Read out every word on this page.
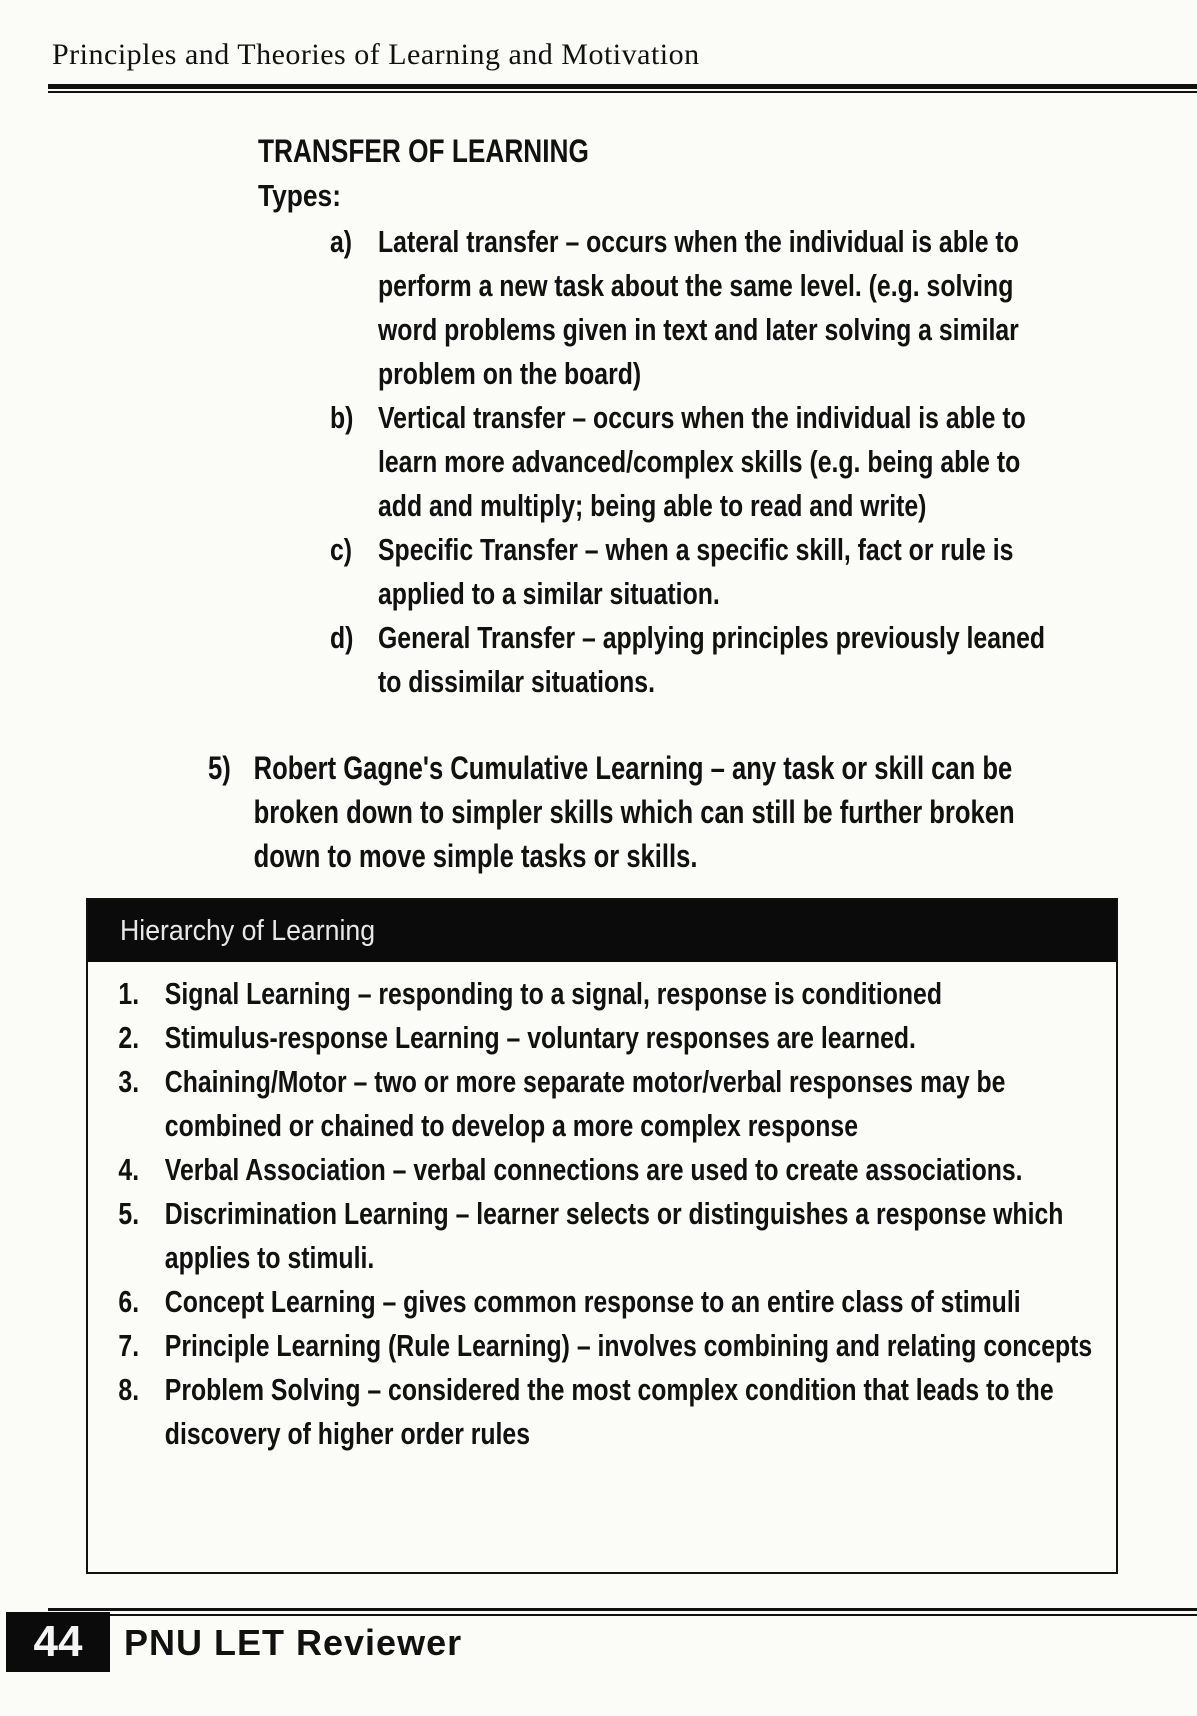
Principles and Theories of Learning and Motivation
TRANSFER OF LEARNING
Types:
a) Lateral transfer – occurs when the individual is able to perform a new task about the same level. (e.g. solving word problems given in text and later solving a similar problem on the board)
b) Vertical transfer – occurs when the individual is able to learn more advanced/complex skills (e.g. being able to add and multiply; being able to read and write)
c) Specific Transfer – when a specific skill, fact or rule is applied to a similar situation.
d) General Transfer – applying principles previously leaned to dissimilar situations.
5) Robert Gagne's Cumulative Learning – any task or skill can be broken down to simpler skills which can still be further broken down to move simple tasks or skills.
Hierarchy of Learning
1. Signal Learning – responding to a signal, response is conditioned
2. Stimulus-response Learning – voluntary responses are learned.
3. Chaining/Motor – two or more separate motor/verbal responses may be combined or chained to develop a more complex response
4. Verbal Association – verbal connections are used to create associations.
5. Discrimination Learning – learner selects or distinguishes a response which applies to stimuli.
6. Concept Learning – gives common response to an entire class of stimuli
7. Principle Learning (Rule Learning) – involves combining and relating concepts
8. Problem Solving – considered the most complex condition that leads to the discovery of higher order rules
44	PNU LET Reviewer
